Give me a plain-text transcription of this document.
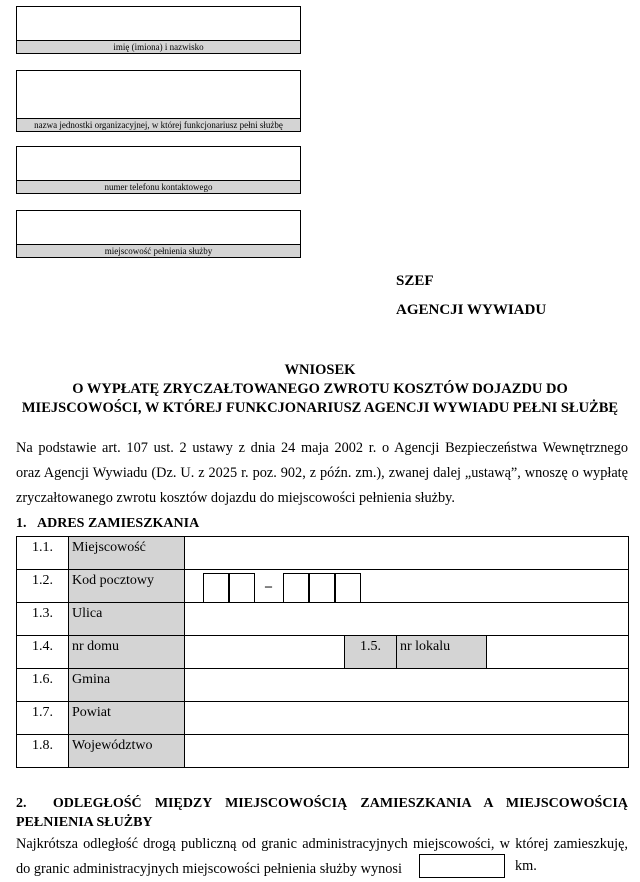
imię (imiona) i nazwisko
nazwa jednostki organizacyjnej, w której funkcjonariusz pełni służbę
numer telefonu kontaktowego
miejscowość pełnienia służby
SZEF
AGENCJI WYWIADU
WNIOSEK
O WYPŁATĘ ZRYCZAŁTOWANEGO ZWROTU KOSZTÓW DOJAZDU DO
MIEJSCOWOŚCI, W KTÓREJ FUNKCJONARIUSZ AGENCJI WYWIADU PEŁNI SŁUŻBĘ
Na podstawie art. 107 ust. 2 ustawy z dnia 24 maja 2002 r. o Agencji Bezpieczeństwa Wewnętrznego
oraz Agencji Wywiadu (Dz. U. z 2025 r. poz. 902, z późn. zm.), zwanej dalej „ustawą”, wnoszę o wypłatę
zryczałtowanego zwrotu kosztów dojazdu do miejscowości pełnienia służby.
1.   ADRES ZAMIESZKANIA
1.1.	Miejscowość				
1.2.	Kod pocztowy	–			

1.3.	Ulica				
1.4.	nr domu		1.5.	nr lokalu	
1.6.	Gmina				
1.7.	Powiat				
1.8.	Województwo				
2.  ODLEGŁOŚĆ MIĘDZY MIEJSCOWOŚCIĄ ZAMIESZKANIA A MIEJSCOWOŚCIĄ
PEŁNIENIA SŁUŻBY
Najkrótsza odległość drogą publiczną od granic administracyjnych miejscowości, w której zamieszkuję,
do granic administracyjnych miejscowości pełnienia służby wynosi	km.
